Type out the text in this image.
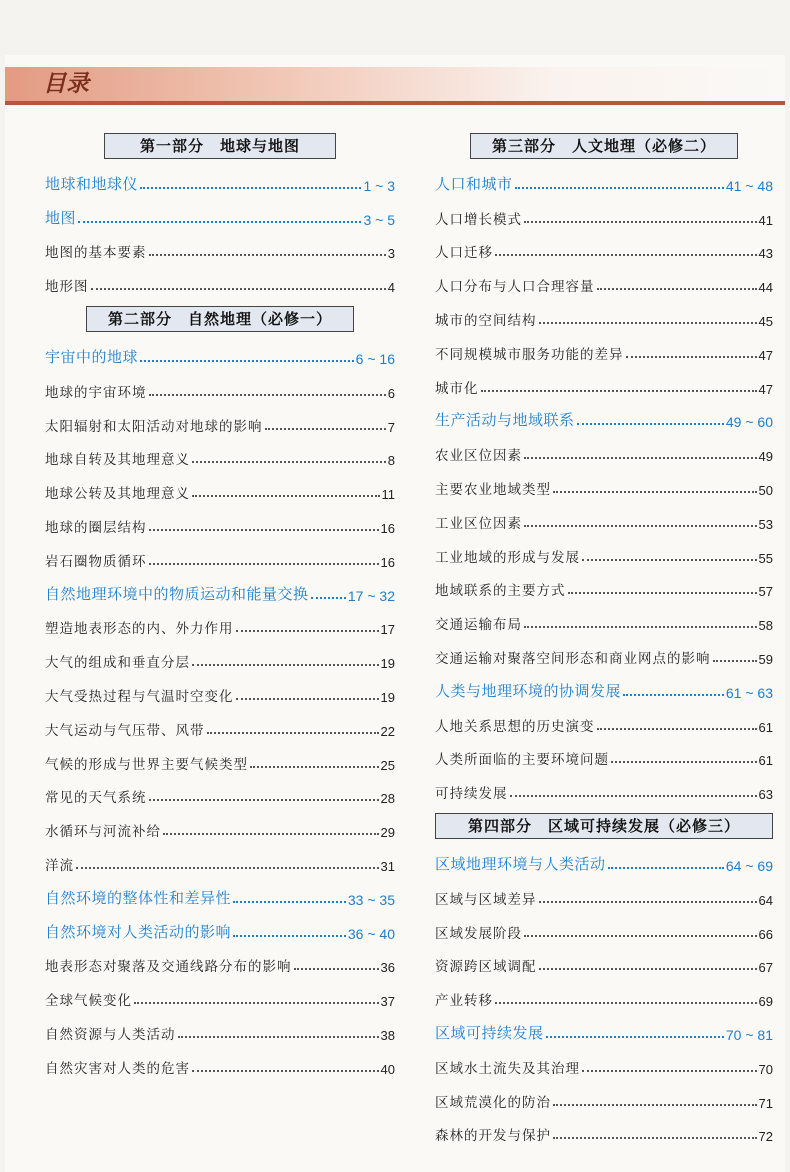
目录
第一部分　地球与地图
地球和地球仪	1 ~ 3
地图	3 ~ 5
地图的基本要素	3
地形图	4
第二部分　自然地理（必修一）
宇宙中的地球	6 ~ 16
地球的宇宙环境	6
太阳辐射和太阳活动对地球的影响	7
地球自转及其地理意义	8
地球公转及其地理意义	11
地球的圈层结构	16
岩石圈物质循环	16
自然地理环境中的物质运动和能量交换	17 ~ 32
塑造地表形态的内、外力作用	17
大气的组成和垂直分层	19
大气受热过程与气温时空变化	19
大气运动与气压带、风带	22
气候的形成与世界主要气候类型	25
常见的天气系统	28
水循环与河流补给	29
洋流	31
自然环境的整体性和差异性	33 ~ 35
自然环境对人类活动的影响	36 ~ 40
地表形态对聚落及交通线路分布的影响	36
全球气候变化	37
自然资源与人类活动	38
自然灾害对人类的危害	40
第三部分　人文地理（必修二）
人口和城市	41 ~ 48
人口增长模式	41
人口迁移	43
人口分布与人口合理容量	44
城市的空间结构	45
不同规模城市服务功能的差异	47
城市化	47
生产活动与地域联系	49 ~ 60
农业区位因素	49
主要农业地域类型	50
工业区位因素	53
工业地域的形成与发展	55
地域联系的主要方式	57
交通运输布局	58
交通运输对聚落空间形态和商业网点的影响	59
人类与地理环境的协调发展	61 ~ 63
人地关系思想的历史演变	61
人类所面临的主要环境问题	61
可持续发展	63
第四部分　区域可持续发展（必修三）
区域地理环境与人类活动	64 ~ 69
区域与区域差异	64
区域发展阶段	66
资源跨区域调配	67
产业转移	69
区域可持续发展	70 ~ 81
区域水土流失及其治理	70
区域荒漠化的防治	71
森林的开发与保护	72
